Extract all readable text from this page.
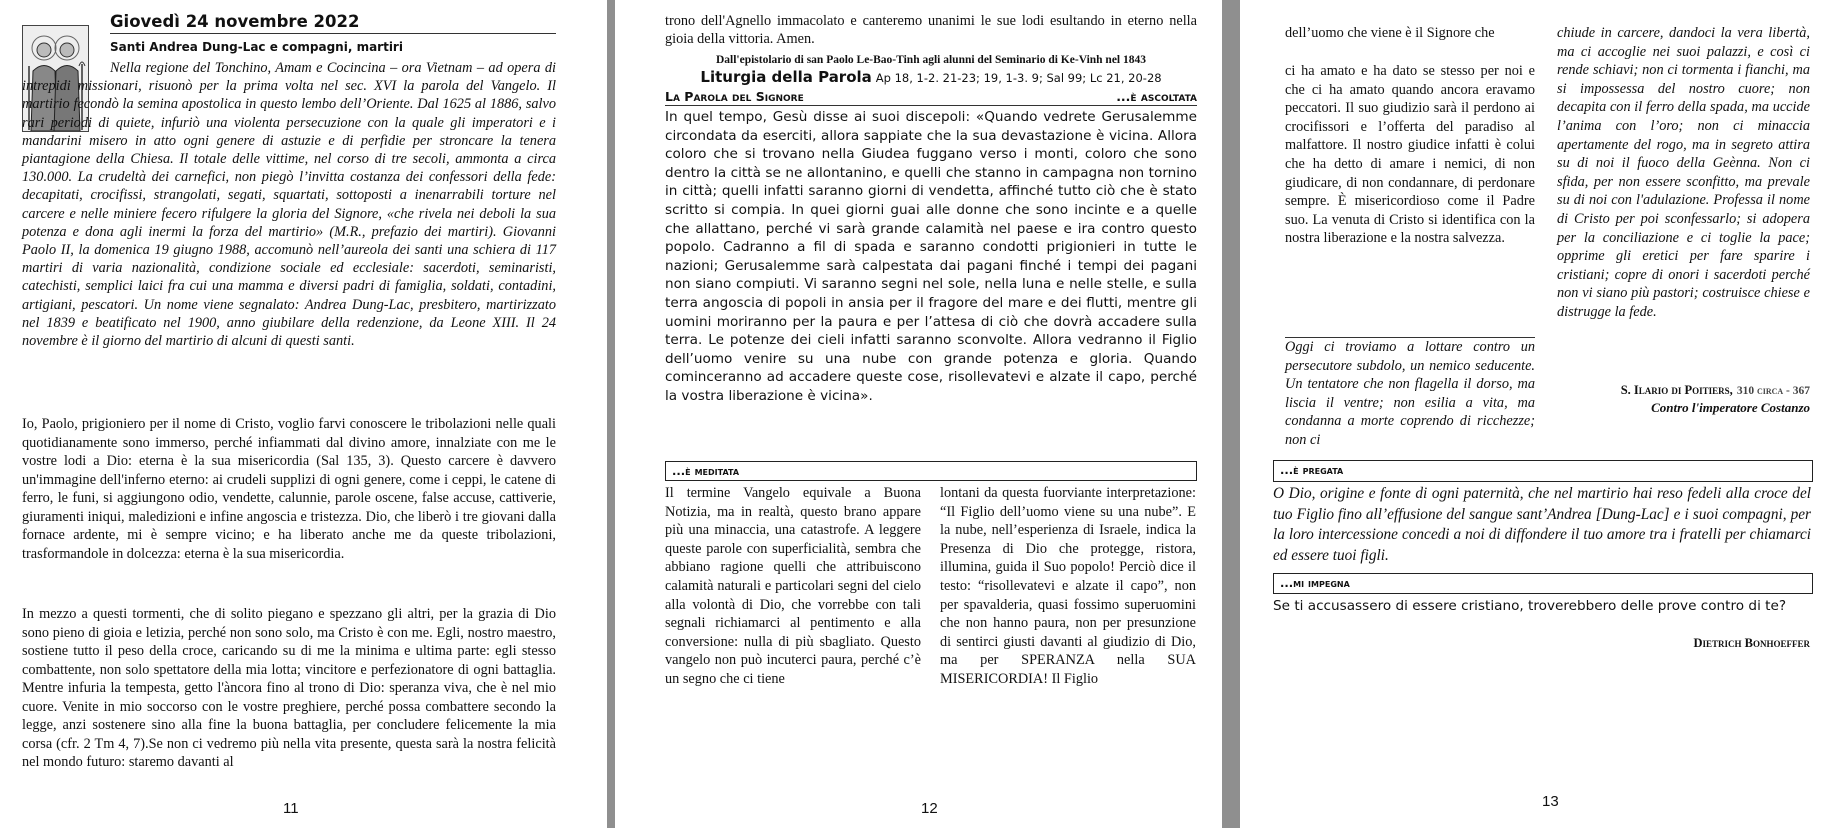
Giovedì 24 novembre 2022
Santi Andrea Dung-Lac e compagni, martiri
Nella regione del Tonchino, Amam e Cocincina – ora Vietnam – ad opera di intrepidi missionari, risuonò per la prima volta nel sec. XVI la parola del Vangelo. Il martirio fecondò la semina apostolica in questo lembo dell’Oriente. Dal 1625 al 1886, salvo rari periodi di quiete, infuriò una violenta persecuzione con la quale gli imperatori e i mandarini misero in atto ogni genere di astuzie e di perfidie per stroncare la tenera piantagione della Chiesa. Il totale delle vittime, nel corso di tre secoli, ammonta a circa 130.000. La crudeltà dei carnefici, non piegò l’invitta costanza dei confessori della fede: decapitati, crocifissi, strangolati, segati, squartati, sottoposti a inenarrabili torture nel carcere e nelle miniere fecero rifulgere la gloria del Signore, «che rivela nei deboli la sua potenza e dona agli inermi la forza del martirio» (M.R., prefazio dei martiri). Giovanni Paolo II, la domenica 19 giugno 1988, accomunò nell’aureola dei santi una schiera di 117 martiri di varia nazionalità, condizione sociale ed ecclesiale: sacerdoti, seminaristi, catechisti, semplici laici fra cui una mamma e diversi padri di famiglia, soldati, contadini, artigiani, pescatori. Un nome viene segnalato: Andrea Dung-Lac, presbitero, martirizzato nel 1839 e beatificato nel 1900, anno giubilare della redenzione, da Leone XIII. Il 24 novembre è il giorno del martirio di alcuni di questi santi.
Io, Paolo, prigioniero per il nome di Cristo, voglio farvi conoscere le tribolazioni nelle quali quotidianamente sono immerso, perché infiammati dal divino amore, innalziate con me le vostre lodi a Dio: eterna è la sua misericordia (Sal 135, 3). Questo carcere è davvero un'immagine dell'inferno eterno: ai crudeli supplizi di ogni genere, come i ceppi, le catene di ferro, le funi, si aggiungono odio, vendette, calunnie, parole oscene, false accuse, cattiverie, giuramenti iniqui, maledizioni e infine angoscia e tristezza. Dio, che liberò i tre giovani dalla fornace ardente, mi è sempre vicino; e ha liberato anche me da queste tribolazioni, trasformandole in dolcezza: eterna è la sua misericordia.
In mezzo a questi tormenti, che di solito piegano e spezzano gli altri, per la grazia di Dio sono pieno di gioia e letizia, perché non sono solo, ma Cristo è con me. Egli, nostro maestro, sostiene tutto il peso della croce, caricando su di me la minima e ultima parte: egli stesso combattente, non solo spettatore della mia lotta; vincitore e perfezionatore di ogni battaglia. Mentre infuria la tempesta, getto l'àncora fino al trono di Dio: speranza viva, che è nel mio cuore. Venite in mio soccorso con le vostre preghiere, perché possa combattere secondo la legge, anzi sostenere sino alla fine la buona battaglia, per concludere felicemente la mia corsa (cfr. 2 Tm 4, 7).Se non ci vedremo più nella vita presente, questa sarà la nostra felicità nel mondo futuro: staremo davanti al
11
trono dell'Agnello immacolato e canteremo unanimi le sue lodi esultando in eterno nella gioia della vittoria. Amen.
Dall'epistolario di san Paolo Le-Bao-Tinh agli alunni del Seminario di Ke-Vinh nel 1843
Liturgia della Parola Ap 18, 1-2. 21-23; 19, 1-3. 9; Sal 99; Lc 21, 20-28
La Parola del Signore	...è ascoltata
In quel tempo, Gesù disse ai suoi discepoli: «Quando vedrete Gerusalemme circondata da eserciti, allora sappiate che la sua devastazione è vicina. Allora coloro che si trovano nella Giudea fuggano verso i monti, coloro che sono dentro la città se ne allontanino, e quelli che stanno in campagna non tornino in città; quelli infatti saranno giorni di vendetta, affinché tutto ciò che è stato scritto si compia. In quei giorni guai alle donne che sono incinte e a quelle che allattano, perché vi sarà grande calamità nel paese e ira contro questo popolo. Cadranno a fil di spada e saranno condotti prigionieri in tutte le nazioni; Gerusalemme sarà calpestata dai pagani finché i tempi dei pagani non siano compiuti. Vi saranno segni nel sole, nella luna e nelle stelle, e sulla terra angoscia di popoli in ansia per il fragore del mare e dei flutti, mentre gli uomini moriranno per la paura e per l’attesa di ciò che dovrà accadere sulla terra. Le potenze dei cieli infatti saranno sconvolte. Allora vedranno il Figlio dell’uomo venire su una nube con grande potenza e gloria. Quando cominceranno ad accadere queste cose, risollevatevi e alzate il capo, perché la vostra liberazione è vicina».
...è meditata
Il termine Vangelo equivale a Buona Notizia, ma in realtà, questo brano appare più una minaccia, una catastrofe. A leggere queste parole con superficialità, sembra che abbiano ragione quelli che attribuiscono calamità naturali e particolari segni del cielo alla volontà di Dio, che vorrebbe con tali segnali richiamarci al pentimento e alla conversione: nulla di più sbagliato. Questo vangelo non può incuterci paura, perché c’è un segno che ci tiene
lontani da questa fuorviante interpretazione: “Il Figlio dell’uomo viene su una nube”. E la nube, nell’esperienza di Israele, indica la Presenza di Dio che protegge, ristora, illumina, guida il Suo popolo! Perciò dice il testo: “risollevatevi e alzate il capo”, non per spavalderia, quasi fossimo superuomini che non hanno paura, non per presunzione di sentirci giusti davanti al giudizio di Dio, ma per SPERANZA nella SUA MISERICORDIA! Il Figlio
12
dell’uomo che viene è il Signore che
ci ha amato e ha dato se stesso per noi e che ci ha amato quando ancora eravamo peccatori. Il suo giudizio sarà il perdono ai crocifissori e l’offerta del paradiso al malfattore. Il nostro giudice infatti è colui che ha detto di amare i nemici, di non giudicare, di non condannare, di perdonare sempre. È misericordioso come il Padre suo. La venuta di Cristo si identifica con la nostra liberazione e la nostra salvezza.
Oggi ci troviamo a lottare contro un persecutore subdolo, un nemico seducente. Un tentatore che non flagella il dorso, ma liscia il ventre; non esilia a vita, ma condanna a morte coprendo di ricchezze; non ci
chiude in carcere, dandoci la vera libertà, ma ci accoglie nei suoi palazzi, e così ci rende schiavi; non ci tormenta i fianchi, ma si impossessa del nostro cuore; non decapita con il ferro della spada, ma uccide l’anima con l’oro; non ci minaccia apertamente del rogo, ma in segreto attira su di noi il fuoco della Geènna. Non ci sfida, per non essere sconfitto, ma prevale su di noi con l'adulazione. Professa il nome di Cristo per poi sconfessarlo; si adopera per la conciliazione e ci toglie la pace; opprime gli eretici per fare sparire i cristiani; copre di onori i sacerdoti perché non vi siano più pastori; costruisce chiese e distrugge la fede.
S. Ilario di Poitiers, 310 circa - 367
Contro l'imperatore Costanzo
...è pregata
O Dio, origine e fonte di ogni paternità, che nel martirio hai reso fedeli alla croce del tuo Figlio fino all’effusione del sangue sant’Andrea [Dung-Lac] e i suoi compagni, per la loro intercessione concedi a noi di diffondere il tuo amore tra i fratelli per chiamarci ed essere tuoi figli.
...mi impegna
Se ti accusassero di essere cristiano, troverebbero delle prove contro di te?
Dietrich Bonhoeffer
13
